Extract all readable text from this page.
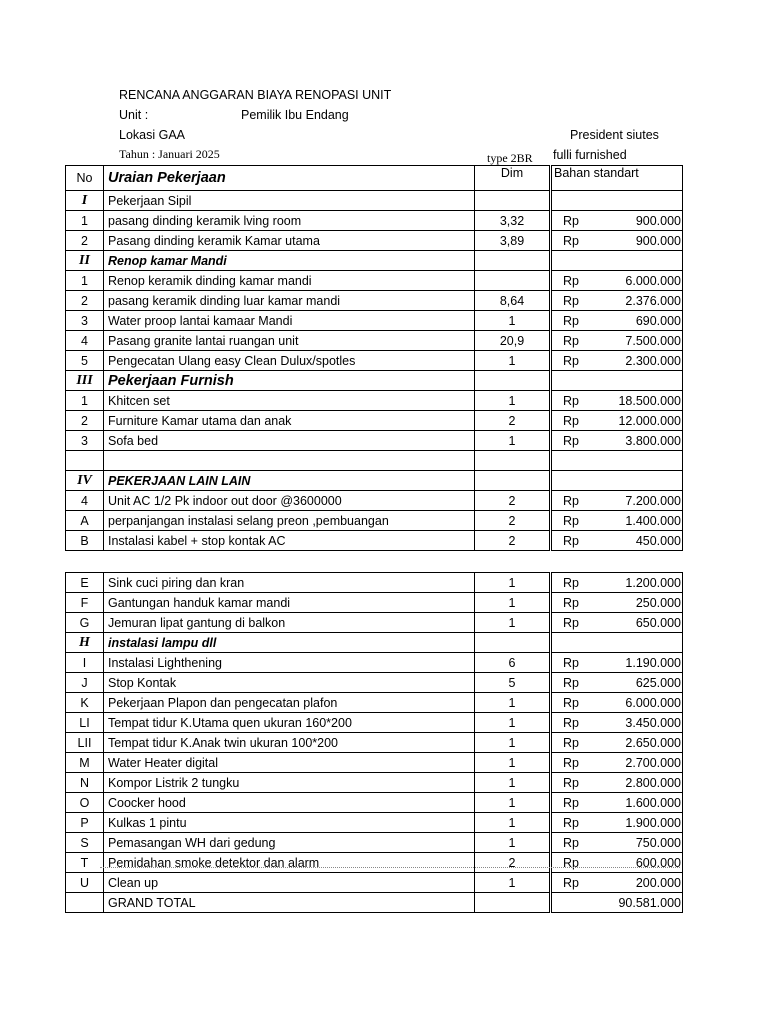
RENCANA ANGGARAN BIAYA RENOPASI UNIT
Unit :	Pemilik Ibu Endang
Lokasi GAA	President siutes
Tahun : Januari 2025	type 2BR fulli furnished
No	Uraian Pekerjaan	Dim	Bahan standart	
I	Pekerjaan Sipil			
1	pasang dinding keramik lving room	3,32	Rp	900.000
2	Pasang dinding keramik Kamar utama	3,89	Rp	900.000
II	Renop kamar Mandi			
1	Renop keramik dinding kamar mandi		Rp	6.000.000
2	pasang keramik dinding luar kamar mandi	8,64	Rp	2.376.000
3	Water proop lantai kamaar Mandi	1	Rp	690.000
4	Pasang granite lantai ruangan unit	20,9	Rp	7.500.000
5	Pengecatan Ulang easy Clean Dulux/spotles	1	Rp	2.300.000
III	Pekerjaan Furnish			
1	Khitcen set	1	Rp	18.500.000
2	Furniture Kamar utama dan anak	2	Rp	12.000.000
3	Sofa bed	1	Rp	3.800.000

IV	PEKERJAAN LAIN LAIN			
4	Unit AC 1/2 Pk indoor out door @3600000	2	Rp	7.200.000
A	perpanjangan instalasi selang preon ,pembuangan	2	Rp	1.400.000
B	Instalasi kabel + stop kontak AC	2	Rp	450.000
E	Sink cuci piring dan kran	1	Rp	1.200.000
F	Gantungan handuk kamar mandi	1	Rp	250.000
G	Jemuran lipat gantung di balkon	1	Rp	650.000
H	instalasi lampu dll			
I	Instalasi Lighthening	6	Rp	1.190.000
J	Stop Kontak	5	Rp	625.000
K	Pekerjaan Plapon dan pengecatan plafon	1	Rp	6.000.000
LI	Tempat tidur K.Utama quen ukuran 160*200	1	Rp	3.450.000
LII	Tempat tidur K.Anak twin ukuran 100*200	1	Rp	2.650.000
M	Water Heater digital	1	Rp	2.700.000
N	Kompor Listrik 2 tungku	1	Rp	2.800.000
O	Coocker hood	1	Rp	1.600.000
P	Kulkas 1 pintu	1	Rp	1.900.000
S	Pemasangan WH dari gedung	1	Rp	750.000
T	Pemidahan smoke detektor dan alarm	2	Rp	600.000
U	Clean up	1	Rp	200.000
	GRAND TOTAL			90.581.000
